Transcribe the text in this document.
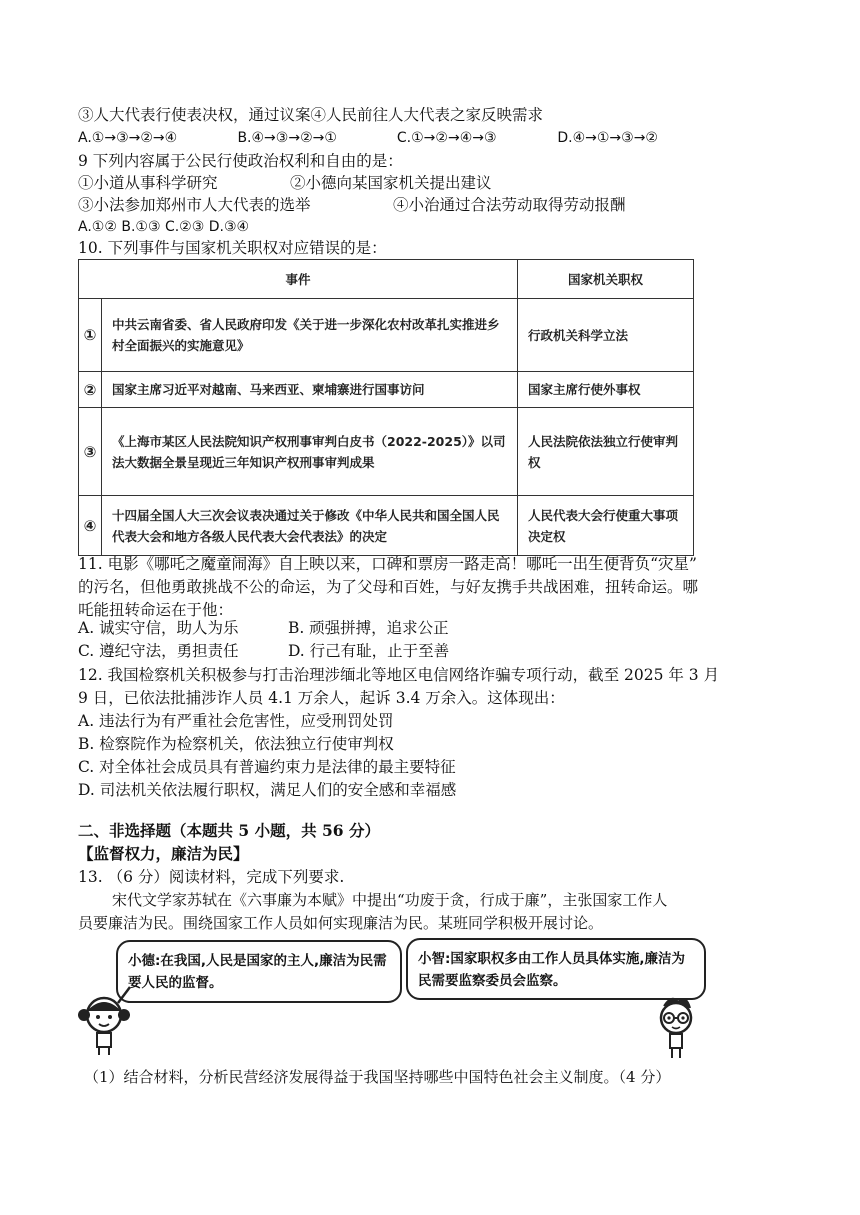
③人大代表行使表决权，通过议案④人民前往人大代表之家反映需求
A.①→③→②→④	B.④→③→②→①	C.①→②→④→③	D.④→①→③→②
9 下列内容属于公民行使政治权利和自由的是：
①小道从事科学研究	②小德向某国家机关提出建议
③小法参加郑州市人大代表的选举	④小治通过合法劳动取得劳动报酬
A.①② B.①③ C.②③ D.③④
10. 下列事件与国家机关职权对应错误的是：
事件		国家机关职权
①	中共云南省委、省人民政府印发《关于进一步深化农村改革扎实推进乡村全面振兴的实施意见》	行政机关科学立法
②	国家主席习近平对越南、马来西亚、柬埔寨进行国事访问	国家主席行使外事权
③	《上海市某区人民法院知识产权刑事审判白皮书（2022-2025）》以司法大数据全景呈现近三年知识产权刑事审判成果	人民法院依法独立行使审判权
④	十四届全国人大三次会议表决通过关于修改《中华人民共和国全国人民代表大会和地方各级人民代表大会代表法》的决定	人民代表大会行使重大事项决定权
11. 电影《哪吒之魔童闹海》自上映以来，口碑和票房一路走高！哪吒一出生便背负“灾星”
的污名，但他勇敢挑战不公的命运，为了父母和百姓，与好友携手共战困难，扭转命运。哪
吒能扭转命运在于他：
A. 诚实守信，助人为乐	B. 顽强拼搏，追求公正
C. 遵纪守法，勇担责任	D. 行己有耻，止于至善
12. 我国检察机关积极参与打击治理涉缅北等地区电信网络诈骗专项行动，截至 2025 年 3 月
9 日，已依法批捕涉诈人员 4.1 万余人，起诉 3.4 万余入。这体现出：
A. 违法行为有严重社会危害性，应受刑罚处罚
B. 检察院作为检察机关，依法独立行使审判权
C. 对全体社会成员具有普遍约束力是法律的最主要特征
D. 司法机关依法履行职权，满足人们的安全感和幸福感
二、非选择题（本题共 5 小题，共 56 分）
【监督权力，廉洁为民】
13. （6 分）阅读材料，完成下列要求.
宋代文学家苏轼在《六事廉为本赋》中提出“功废于贪，行成于廉”，主张国家工作人
员要廉洁为民。围绕国家工作人员如何实现廉洁为民。某班同学积极开展讨论。
小德:在我国,人民是国家的主人,廉洁为民需要人民的监督。
小智:国家职权多由工作人员具体实施,廉洁为民需要监察委员会监察。
（1）结合材料，分析民营经济发展得益于我国坚持哪些中国特色社会主义制度。（4 分）
